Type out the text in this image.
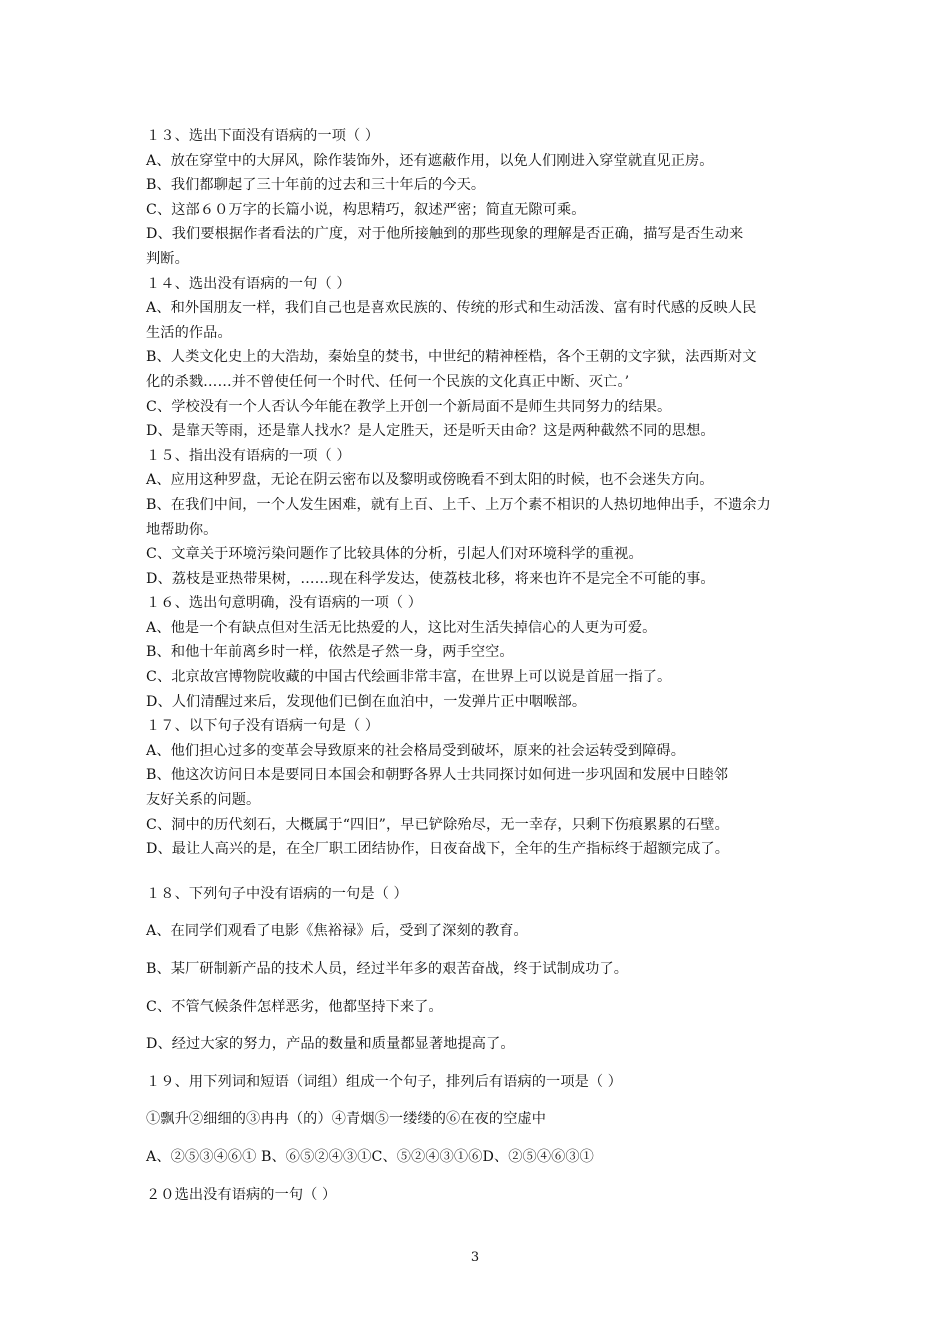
１３、选出下面没有语病的一项（ ）
A、放在穿堂中的大屏风，除作装饰外，还有遮蔽作用，以免人们刚进入穿堂就直见正房。
B、我们都聊起了三十年前的过去和三十年后的今天。
C、这部６０万字的长篇小说，构思精巧，叙述严密；简直无隙可乘。
D、我们要根据作者看法的广度，对于他所接触到的那些现象的理解是否正确，描写是否生动来
判断。
１４、选出没有语病的一句（ ）
A、和外国朋友一样，我们自己也是喜欢民族的、传统的形式和生动活泼、富有时代感的反映人民
生活的作品。
B、人类文化史上的大浩劫，秦始皇的焚书，中世纪的精神桎梏，各个王朝的文字狱，法西斯对文
化的杀戮……并不曾使任何一个时代、任何一个民族的文化真正中断、灭亡。’
C、学校没有一个人否认今年能在教学上开创一个新局面不是师生共同努力的结果。
D、是靠天等雨，还是靠人找水？是人定胜天，还是听天由命？这是两种截然不同的思想。
１５、指出没有语病的一项（ ）
A、应用这种罗盘，无论在阴云密布以及黎明或傍晚看不到太阳的时候，也不会迷失方向。
B、在我们中间，一个人发生困难，就有上百、上千、上万个素不相识的人热切地伸出手，不遗余力
地帮助你。
C、文章关于环境污染问题作了比较具体的分析，引起人们对环境科学的重视。
D、荔枝是亚热带果树，……现在科学发达，使荔枝北移，将来也许不是完全不可能的事。
１６、选出句意明确，没有语病的一项（ ）
A、他是一个有缺点但对生活无比热爱的人，这比对生活失掉信心的人更为可爱。
B、和他十年前离乡时一样，依然是孑然一身，两手空空。
C、北京故宫博物院收藏的中国古代绘画非常丰富，在世界上可以说是首屈一指了。
D、人们清醒过来后，发现他们已倒在血泊中，一发弹片正中咽喉部。
１７、以下句子没有语病一句是（ ）
A、他们担心过多的变革会导致原来的社会格局受到破坏，原来的社会运转受到障碍。
B、他这次访问日本是要同日本国会和朝野各界人士共同探讨如何进一步巩固和发展中日睦邻
友好关系的问题。
C、洞中的历代刻石，大概属于“四旧”，早已铲除殆尽，无一幸存，只剩下伤痕累累的石壁。
D、最让人高兴的是，在全厂职工团结协作，日夜奋战下，全年的生产指标终于超额完成了。
１８、下列句子中没有语病的一句是（ ）
A、在同学们观看了电影《焦裕禄》后，受到了深刻的教育。
B、某厂研制新产品的技术人员，经过半年多的艰苦奋战，终于试制成功了。
C、不管气候条件怎样恶劣，他都坚持下来了。
D、经过大家的努力，产品的数量和质量都显著地提高了。
１９、用下列词和短语（词组）组成一个句子，排列后有语病的一项是（ ）
①飘升②细细的③冉冉（的）④青烟⑤一缕缕的⑥在夜的空虚中
A、②⑤③④⑥① B、⑥⑤②④③①C、⑤②④③①⑥D、②⑤④⑥③①
２０选出没有语病的一句（ ）
3
